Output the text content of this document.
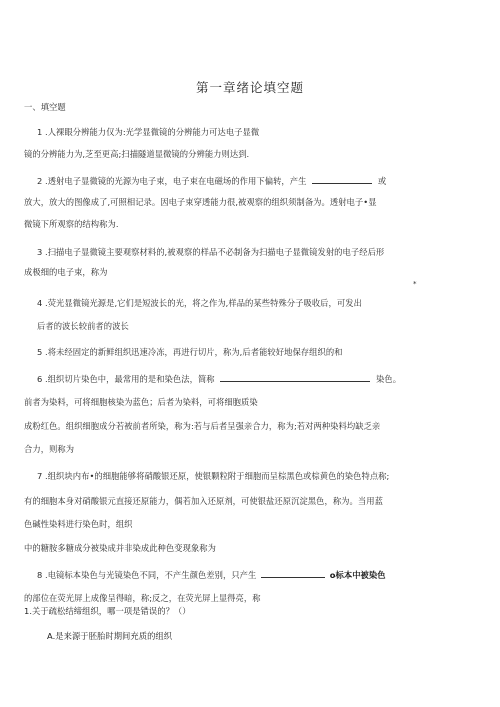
第一章绪论填空题
一、填空题
1 .人裸眼分辨能力仅为:光学显微镜的分辨能力可达电子显微
镜的分辨能力为,芝至更高;扫描隧道显微镜的分辨能力则达到.
2 .透射电子显微镜的光源为电子束，电子束在电磁场的作用下偏转，产生	或
放大，放大的图像成了,可照相记录。因电子束穿透能力很,被观察的组织须制备为。透射电子•显
微镜下所观察的结构称为.
3 .扫描电子显微镜主要观察材料的,被观察的样品不必制备为扫描电子显微镜发射的电子经后形
成极细的电子束，称为
*
4 .荧光显微镜光源是,它们是短波长的光，将之作为,样品的某些特殊分子吸收后，可发出
后者的波长较前者的波长
5 .将未经固定的新鲜组织迅速冷冻，再进行切片，称为,后者能较好地保存组织的和
6 .组织切片染色中，最常用的是和染色法，简称	染色。
前者为染料，可将细胞核染为蓝色；后者为染料，可将细胞质染
成粉红色。组织细胞成分若被前者所染，称为:若与后者呈强亲合力，称为;若对两种染料均缺乏亲
合力，则称为
7 .组织块内布•的细胞能够将硝酸银还原，使银颗粒附于细胞而呈棕黑色或棕黄色的染色特点称;
有的细胞本身对硝酸银元直接还原能力，偶若加入还原剂，可使银盐还原沉淀黑色，称为。当用蓝
色碱性染料进行染色时，组织
中的糖胺多糖成分被染成并非染成此种色变现象称为
8 .电镜标本染色与光镜染色不同，不产生颜色差别，只产生	o标本中被染色
的部位在荧光屏上成像呈得暗，称;反之，在荧光屏上显得亮，称
1.关于疏松结缔组织，哪一项是错误的？（）
A.是来源于胚胎时期间充质的组织
